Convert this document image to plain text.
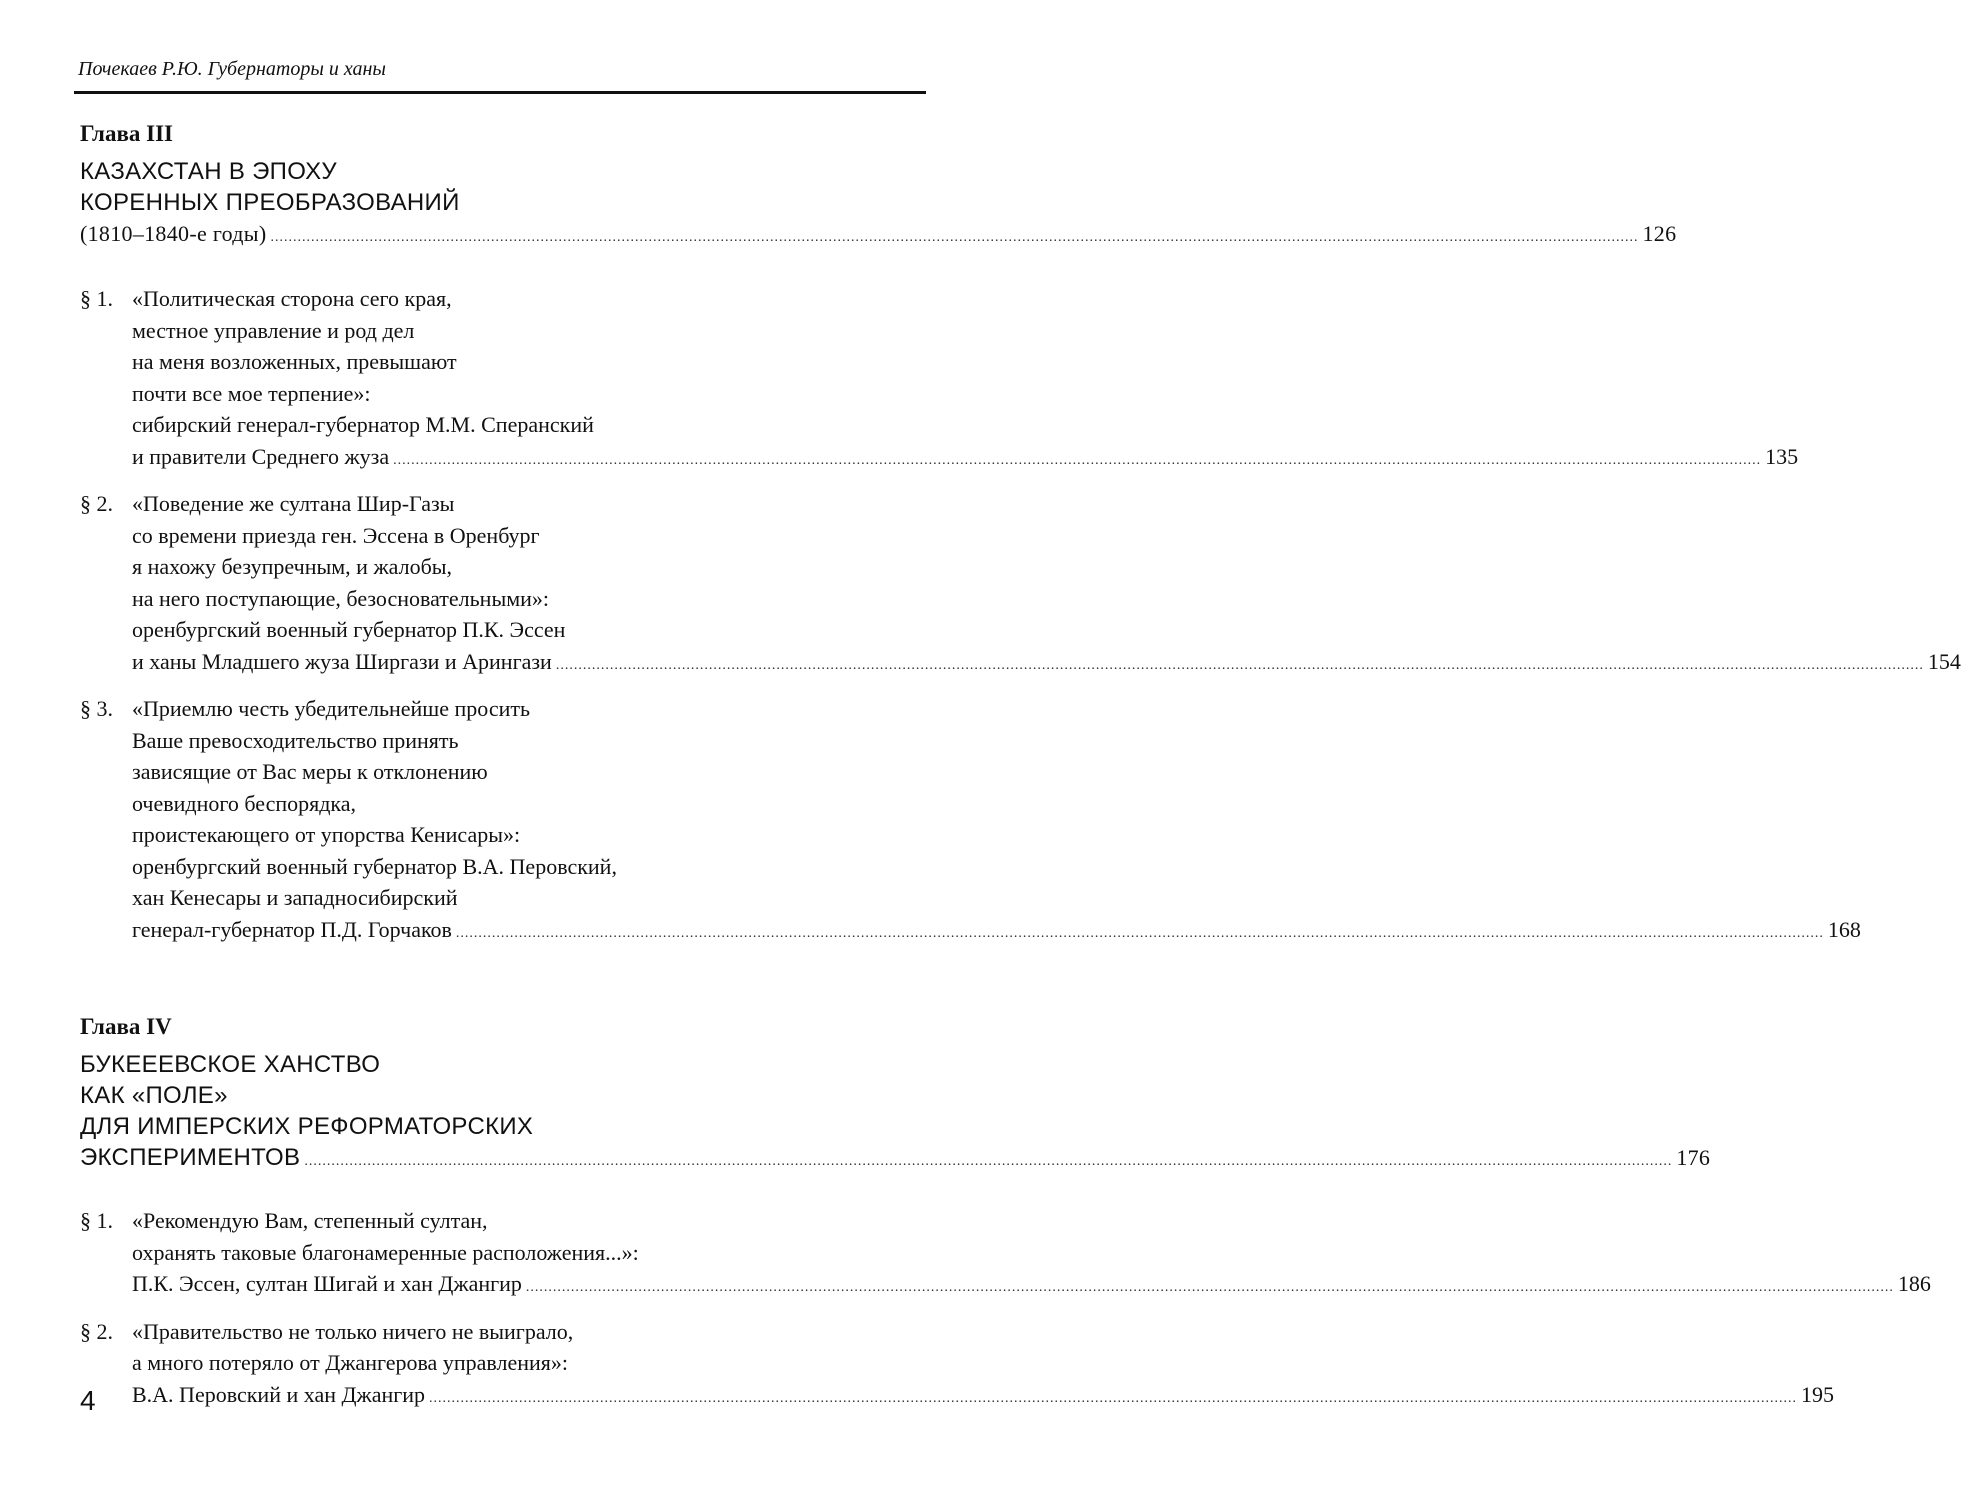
Почекаев Р.Ю. Губернаторы и ханы
Глава III
КАЗАХСТАН В ЭПОХУ
КОРЕННЫХ ПРЕОБРАЗОВАНИЙ
(1810–1840-е годы) .....	126
§ 1. «Политическая сторона сего края,
местное управление и род дел
на меня возложенных, превышают
почти все мое терпение»:
сибирский генерал-губернатор М.М. Сперанский
и правители Среднего жуза .....	135
§ 2. «Поведение же султана Шир-Газы
со времени приезда ген. Эссена в Оренбург
я нахожу безупречным, и жалобы,
на него поступающие, безосновательными»:
оренбургский военный губернатор П.К. Эссен
и ханы Младшего жуза Ширгази и Арингази .....	154
§ 3. «Приемлю честь убедительнейше просить
Ваше превосходительство принять
зависящие от Вас меры к отклонению
очевидного беспорядка,
проистекающего от упорства Кенисары»:
оренбургский военный губернатор В.А. Перовский,
хан Кенесары и западносибирский
генерал-губернатор П.Д. Горчаков .....	168
Глава IV
БУКЕЕЕВСКОЕ ХАНСТВО
КАК «ПОЛЕ»
ДЛЯ ИМПЕРСКИХ РЕФОРМАТОРСКИХ
ЭКСПЕРИМЕНТОВ .....	176
§ 1. «Рекомендую Вам, степенный султан,
охранять таковые благонамеренные расположения...»:
П.К. Эссен, султан Шигай и хан Джангир .....	186
§ 2. «Правительство не только ничего не выиграло,
а много потеряло от Джангерова управления»:
В.А. Перовский и хан Джангир .....	195
4
